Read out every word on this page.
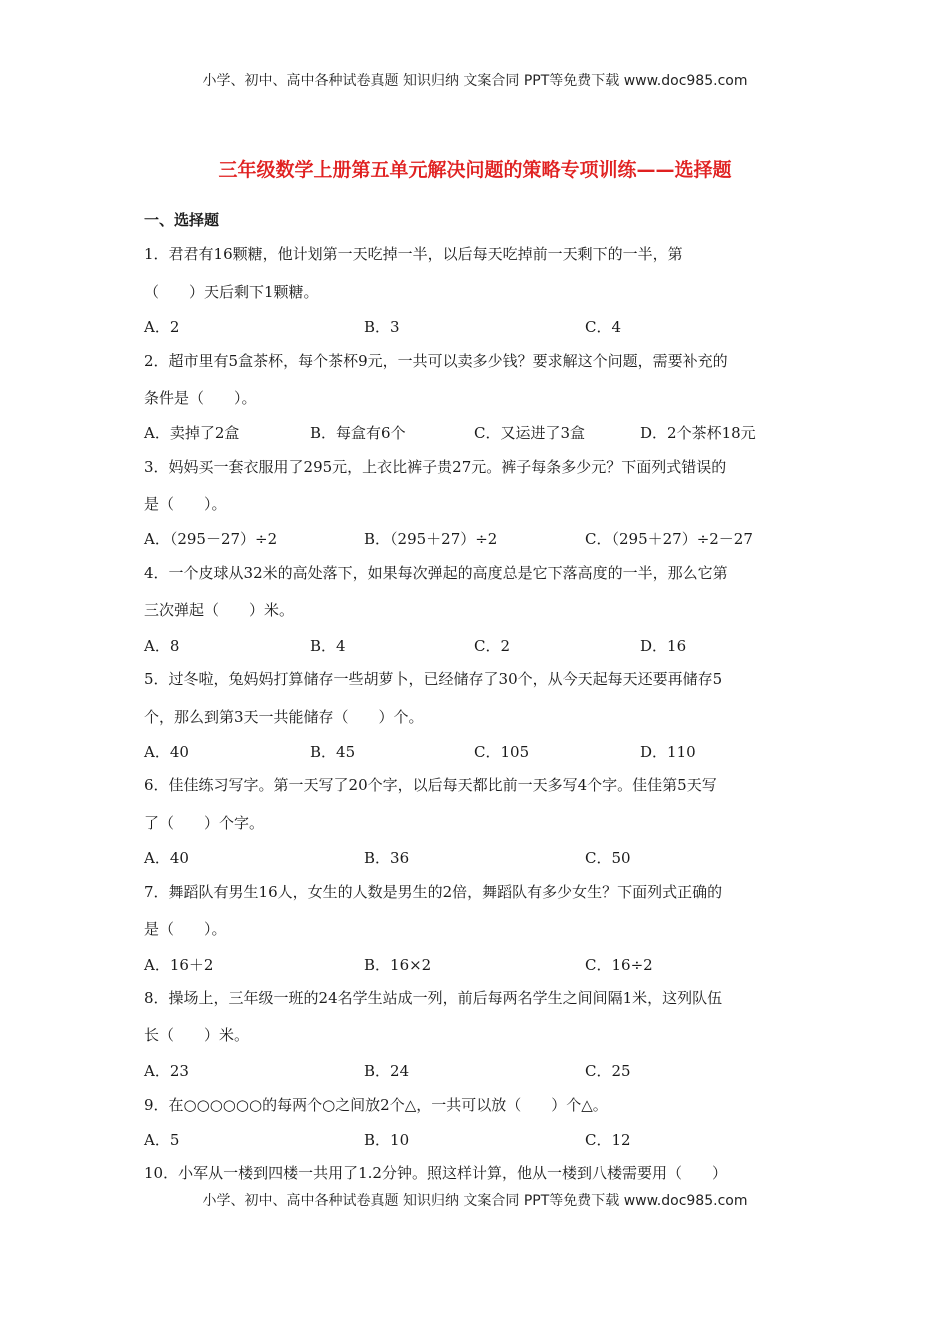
小学、初中、高中各种试卷真题 知识归纳 文案合同 PPT等免费下载 www.doc985.com
三年级数学上册第五单元解决问题的策略专项训练——选择题
一、选择题
1．君君有16颗糖，他计划第一天吃掉一半，以后每天吃掉前一天剩下的一半，第
（　　）天后剩下1颗糖。
A．2	B．3	C．4
2．超市里有5盒茶杯，每个茶杯9元，一共可以卖多少钱？要求解这个问题，需要补充的
条件是（　　）。
A．卖掉了2盒	B．每盒有6个	C．又运进了3盒	D．2个茶杯18元
3．妈妈买一套衣服用了295元，上衣比裤子贵27元。裤子每条多少元？下面列式错误的
是（　　）。
A．（295－27）÷2	B．（295＋27）÷2	C．（295＋27）÷2－27
4．一个皮球从32米的高处落下，如果每次弹起的高度总是它下落高度的一半，那么它第
三次弹起（　　）米。
A．8	B．4	C．2	D．16
5．过冬啦，兔妈妈打算储存一些胡萝卜，已经储存了30个，从今天起每天还要再储存5
个，那么到第3天一共能储存（　　）个。
A．40	B．45	C．105	D．110
6．佳佳练习写字。第一天写了20个字，以后每天都比前一天多写4个字。佳佳第5天写
了（　　）个字。
A．40	B．36	C．50
7．舞蹈队有男生16人，女生的人数是男生的2倍，舞蹈队有多少女生？下面列式正确的
是（　　）。
A．16＋2	B．16×2	C．16÷2
8．操场上，三年级一班的24名学生站成一列，前后每两名学生之间间隔1米，这列队伍
长（　　）米。
A．23	B．24	C．25
9．在○○○○○○的每两个○之间放2个△，一共可以放（　　）个△。
A．5	B．10	C．12
10．小军从一楼到四楼一共用了1.2分钟。照这样计算，他从一楼到八楼需要用（　　）
小学、初中、高中各种试卷真题 知识归纳 文案合同 PPT等免费下载 www.doc985.com
